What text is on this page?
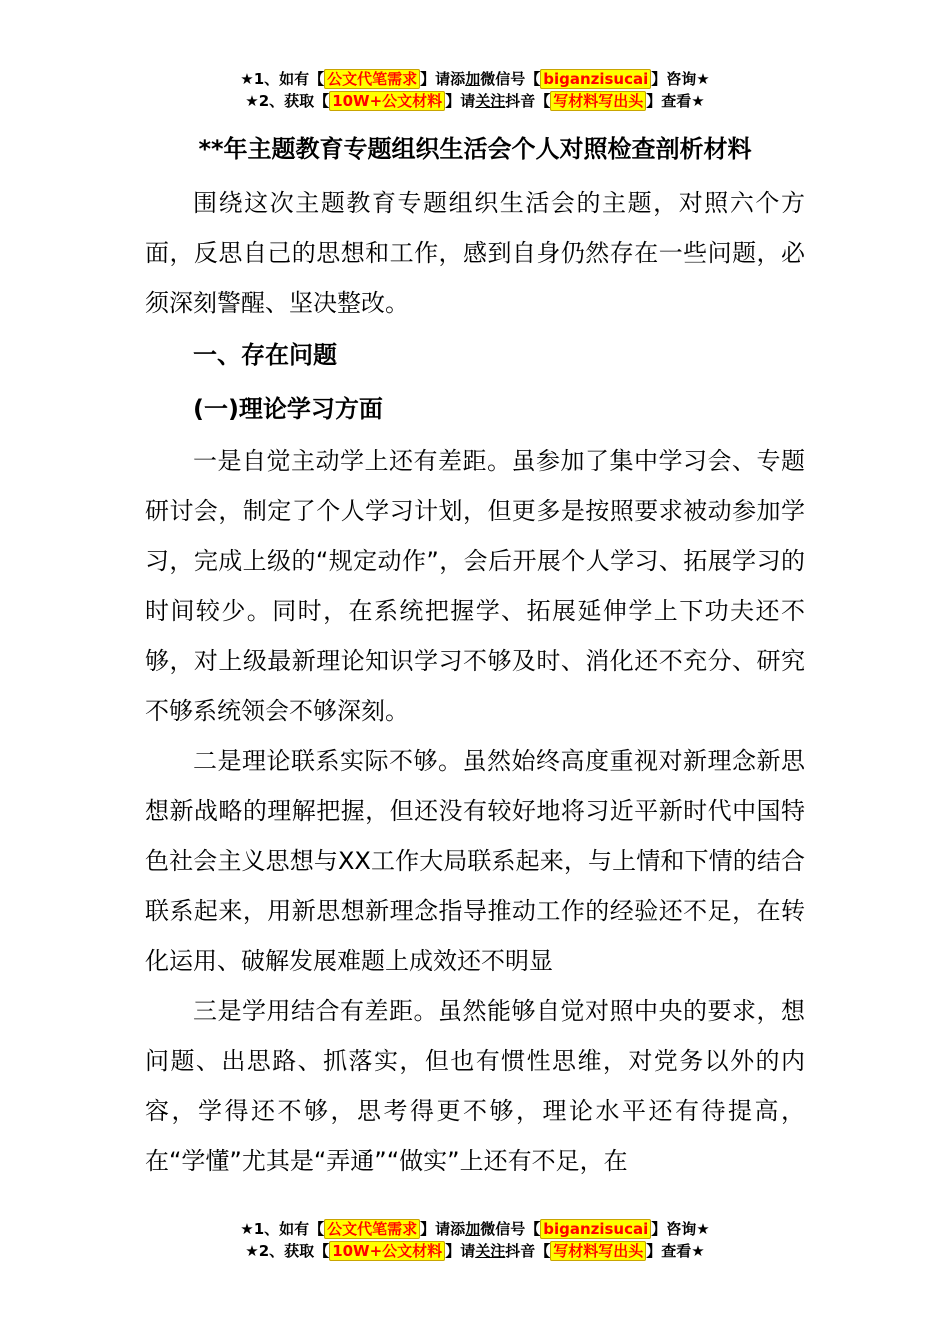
★1、如有【 公文代笔需求 】请添加微信号【 biganzisucai 】咨询★
★2、获取【 10W+公文材料 】请关注抖音【 写材料写出头 】查看★
**年主题教育专题组织生活会个人对照检查剖析材料

围绕这次主题教育专题组织生活会的主题，对照六个方面，反思自己的思想和工作，感到自身仍然存在一些问题，必须深刻警醒、坚决整改。

一、存在问题
(一)理论学习方面

一是自觉主动学上还有差距。虽参加了集中学习会、专题研讨会，制定了个人学习计划，但更多是按照要求被动参加学习，完成上级的“规定动作”，会后开展个人学习、拓展学习的时间较少。同时，在系统把握学、拓展延伸学上下功夫还不够，对上级最新理论知识学习不够及时、消化还不充分、研究不够系统领会不够深刻。

二是理论联系实际不够。虽然始终高度重视对新理念新思想新战略的理解把握，但还没有较好地将习近平新时代中国特色社会主义思想与XX工作大局联系起来，与上情和下情的结合联系起来，用新思想新理念指导推动工作的经验还不足，在转化运用、破解发展难题上成效还不明显

三是学用结合有差距。虽然能够自觉对照中央的要求，想问题、出思路、抓落实，但也有惯性思维，对党务以外的内容，学得还不够，思考得更不够，理论水平还有待提高，在“学懂”尤其是“弄通”“做实”上还有不足，在

★1、如有【 公文代笔需求 】请添加微信号【 biganzisucai 】咨询★
★2、获取【 10W+公文材料 】请关注抖音【 写材料写出头 】查看★
